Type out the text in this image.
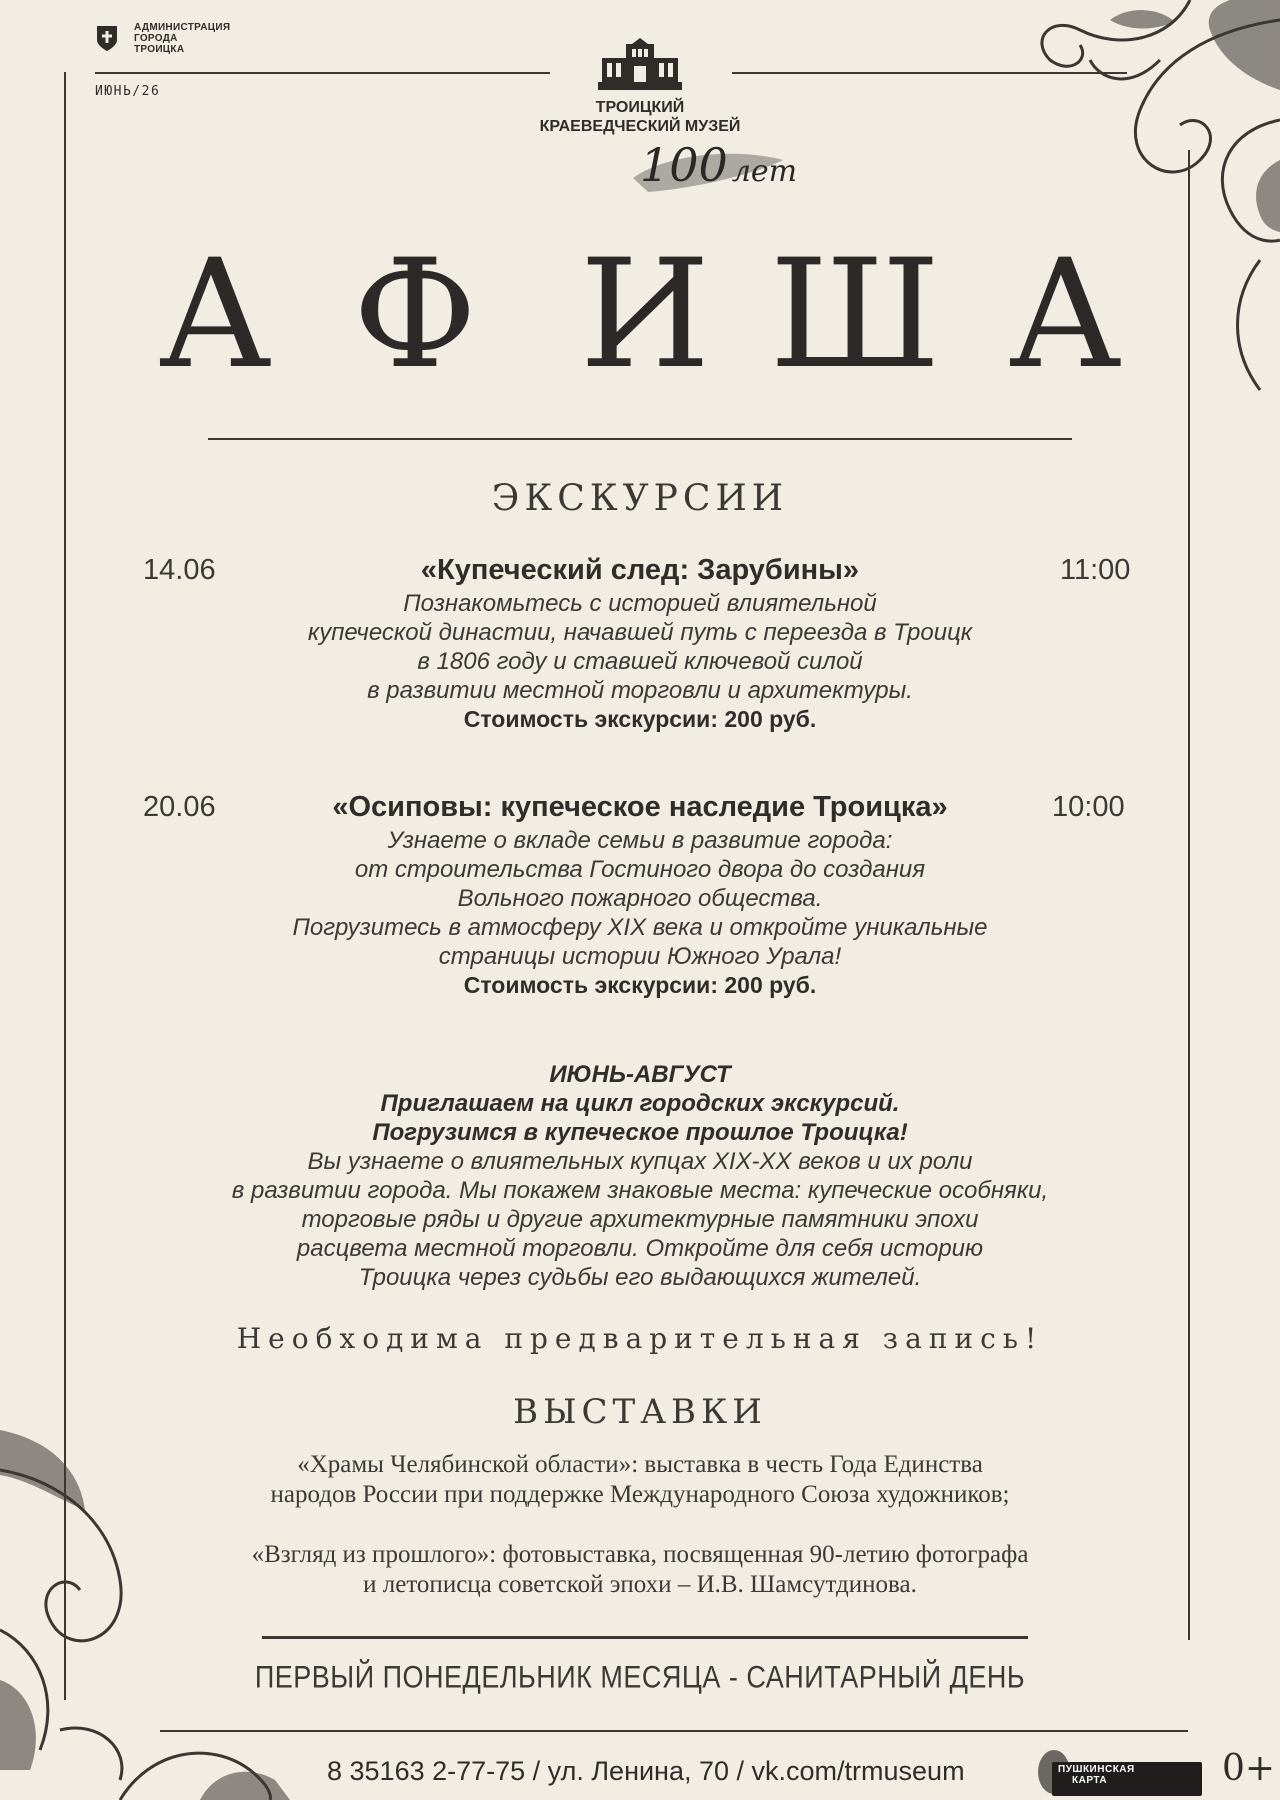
АДМИНИСТРАЦИЯ
ГОРОДА
ТРОИЦКА
ИЮНЬ/26
ТРОИЦКИЙ
КРАЕВЕДЧЕСКИЙ МУЗЕЙ
100 лет
А Ф И Ш А
ЭКСКУРСИИ
14.06	«Купеческий след: Зарубины»	11:00
Познакомьтесь с историей влиятельной
купеческой династии, начавшей путь с переезда в Троицк
в 1806 году и ставшей ключевой силой
в развитии местной торговли и архитектуры.
Стоимость экскурсии: 200 руб.
20.06	«Осиповы: купеческое наследие Троицка»	10:00
Узнаете о вкладе семьи в развитие города:
от строительства Гостиного двора до создания
Вольного пожарного общества.
Погрузитесь в атмосферу XIX века и откройте уникальные
страницы истории Южного Урала!
Стоимость экскурсии: 200 руб.
ИЮНЬ-АВГУСТ
Приглашаем на цикл городских экскурсий.
Погрузимся в купеческое прошлое Троицка!
Вы узнаете о влиятельных купцах XIX-XX веков и их роли
в развитии города. Мы покажем знаковые места: купеческие особняки,
торговые ряды и другие архитектурные памятники эпохи
расцвета местной торговли. Откройте для себя историю
Троицка через судьбы его выдающихся жителей.
Необходима предварительная запись!
ВЫСТАВКИ
«Храмы Челябинской области»: выставка в честь Года Единства
народов России при поддержке Международного Союза художников;
«Взгляд из прошлого»: фотовыставка, посвященная 90-летию фотографа
и летописца советской эпохи – И.В. Шамсутдинова.
ПЕРВЫЙ ПОНЕДЕЛЬНИК МЕСЯЦА - САНИТАРНЫЙ ДЕНЬ
8 35163 2-77-75 / ул. Ленина, 70 / vk.com/trmuseum	ПУШКИНСКАЯ
КАРТА	0+
